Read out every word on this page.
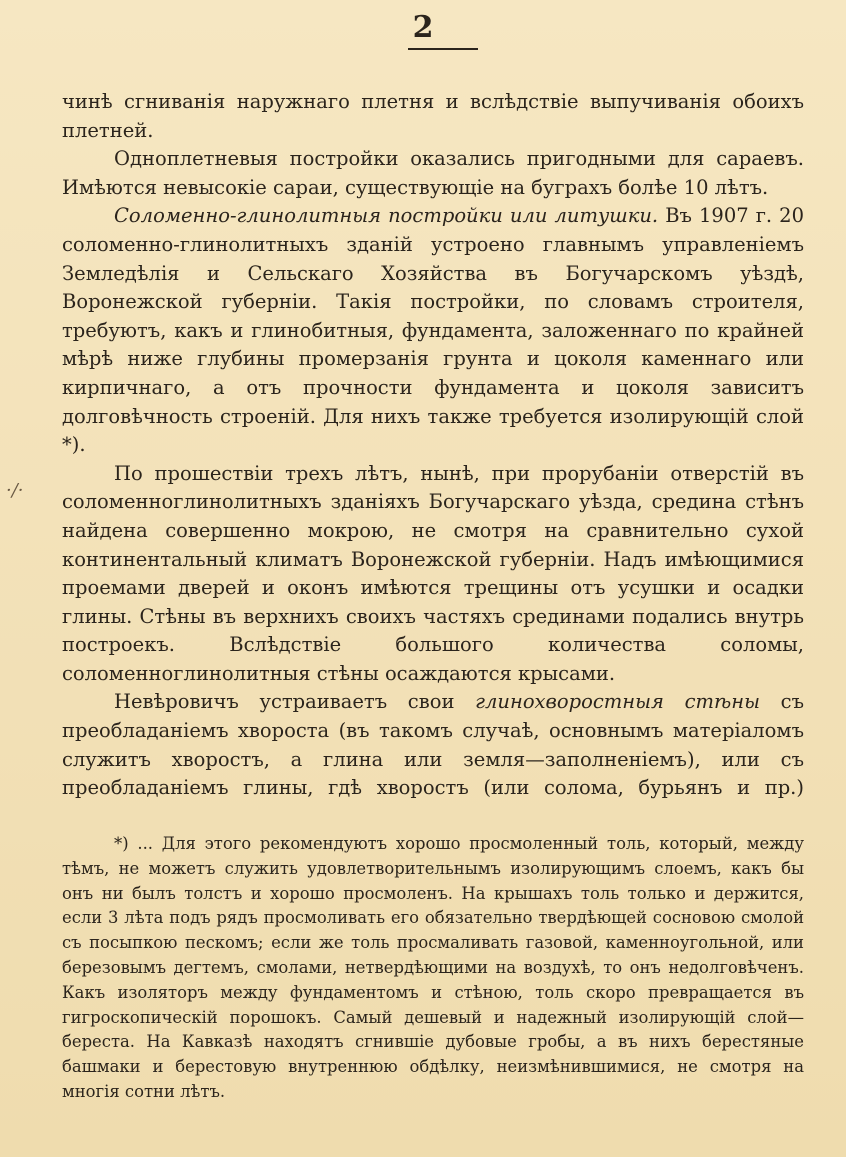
2
·/·

чинѣ сгниванія наружнаго плетня и вслѣдствіе выпучиванія обоихъ плетней.

Однoплетневыя постройки оказались пригодными для сараевъ. Имѣются невысокіе сараи, существующіе на буграхъ болѣе 10 лѣтъ.

Соломенно-глинолитныя постройки или литушки. Въ 1907 г. 20 соломенно-глинолитныхъ зданій устроено главнымъ управленіемъ Земледѣлія и Сельскаго Хозяйства въ Богучарскомъ уѣздѣ, Воронежской губерніи. Такія постройки, по словамъ строителя, требуютъ, какъ и глинобитныя, фундамента, заложеннаго по крайней мѣрѣ ниже глубины промерзанія грунта и цоколя каменнаго или кирпичнаго, а отъ прочности фундамента и цоколя зависитъ долговѣчность строеній. Для нихъ также требуется изолирующій слой *).

По прошествіи трехъ лѣтъ, нынѣ, при прорубаніи отверстій въ соломенноглинолитныхъ зданіяхъ Богучарскаго уѣзда, средина стѣнъ найдена совершенно мокрою, не смотря на сравнительно сухой континентальный климатъ Воронежской губерніи. Надъ имѣющимися проемами дверей и оконъ имѣются трещины отъ усушки и осадки глины. Стѣны въ верхнихъ своихъ частяхъ срединами подались внутрь построекъ. Вслѣдствіе большого количества соломы, соломенноглинолитныя стѣны осаждаются крысами.

Невѣровичъ устраиваетъ свои глинохворостныя стѣны съ преобладаніемъ хвороста (въ такомъ случаѣ, основнымъ матеріаломъ служитъ хворостъ, а глина или земля—заполненіемъ), или съ преобладаніемъ глины, гдѣ хворостъ (или солома, бурьянъ и пр.)

*) ... Для этого рекомендуютъ хорошо просмоленный толь, который, между тѣмъ, не можетъ служить удовлетворительнымъ изолирующимъ слоемъ, какъ бы онъ ни былъ толстъ и хорошо просмоленъ. На крышахъ толь только и держится, если 3 лѣта подъ рядъ просмоливать его обязательно твердѣющей сосновою смолой съ посыпкою пескомъ; если же толь просмаливать газовой, каменноугольной, или березовымъ дегтемъ, смолами, нетвердѣющими на воздухѣ, то онъ недолговѣченъ. Какъ изоляторъ между фундаментомъ и стѣною, толь скоро превращается въ гигроскопическій порошокъ. Самый дешевый и надежный изолирующій слой—береста. На Кавказѣ находятъ сгнившіе дубовые гробы, а въ нихъ берестяные башмаки и берестовую внутреннюю обдѣлку, неизмѣнившимися, не смотря на многія сотни лѣтъ.
